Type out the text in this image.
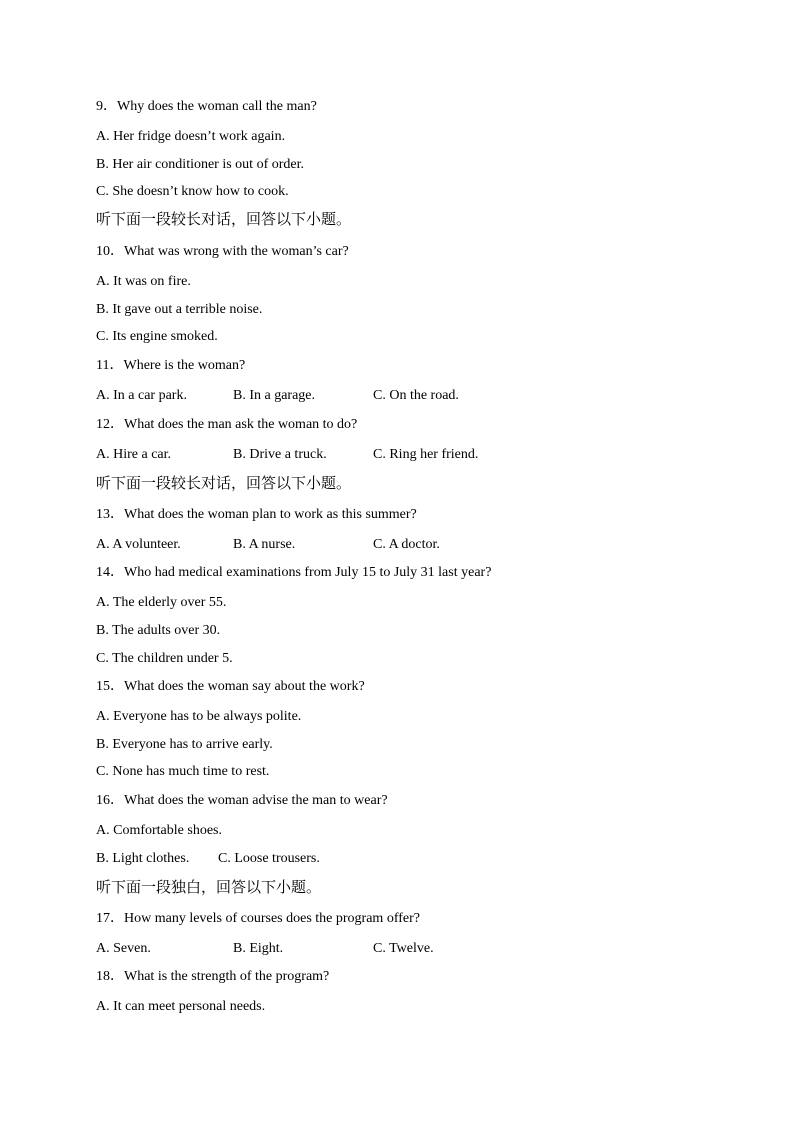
9．Why does the woman call the man?
A. Her fridge doesn’t work again.
B. Her air conditioner is out of order.
C. She doesn’t know how to cook.
听下面一段较长对话，回答以下小题。
10．What was wrong with the woman’s car?
A. It was on fire.
B. It gave out a terrible noise.
C. Its engine smoked.
11．Where is the woman?
A. In a car park.	B. In a garage.	C. On the road.
12．What does the man ask the woman to do?
A. Hire a car.	B. Drive a truck.	C. Ring her friend.
听下面一段较长对话，回答以下小题。
13．What does the woman plan to work as this summer?
A. A volunteer.	B. A nurse.	C. A doctor.
14．Who had medical examinations from July 15 to July 31 last year?
A. The elderly over 55.
B. The adults over 30.
C. The children under 5.
15．What does the woman say about the work?
A. Everyone has to be always polite.
B. Everyone has to arrive early.
C. None has much time to rest.
16．What does the woman advise the man to wear?
A. Comfortable shoes.
B. Light clothes. C. Loose trousers.
听下面一段独白，回答以下小题。
17．How many levels of courses does the program offer?
A. Seven.	B. Eight.	C. Twelve.
18．What is the strength of the program?
A. It can meet personal needs.
